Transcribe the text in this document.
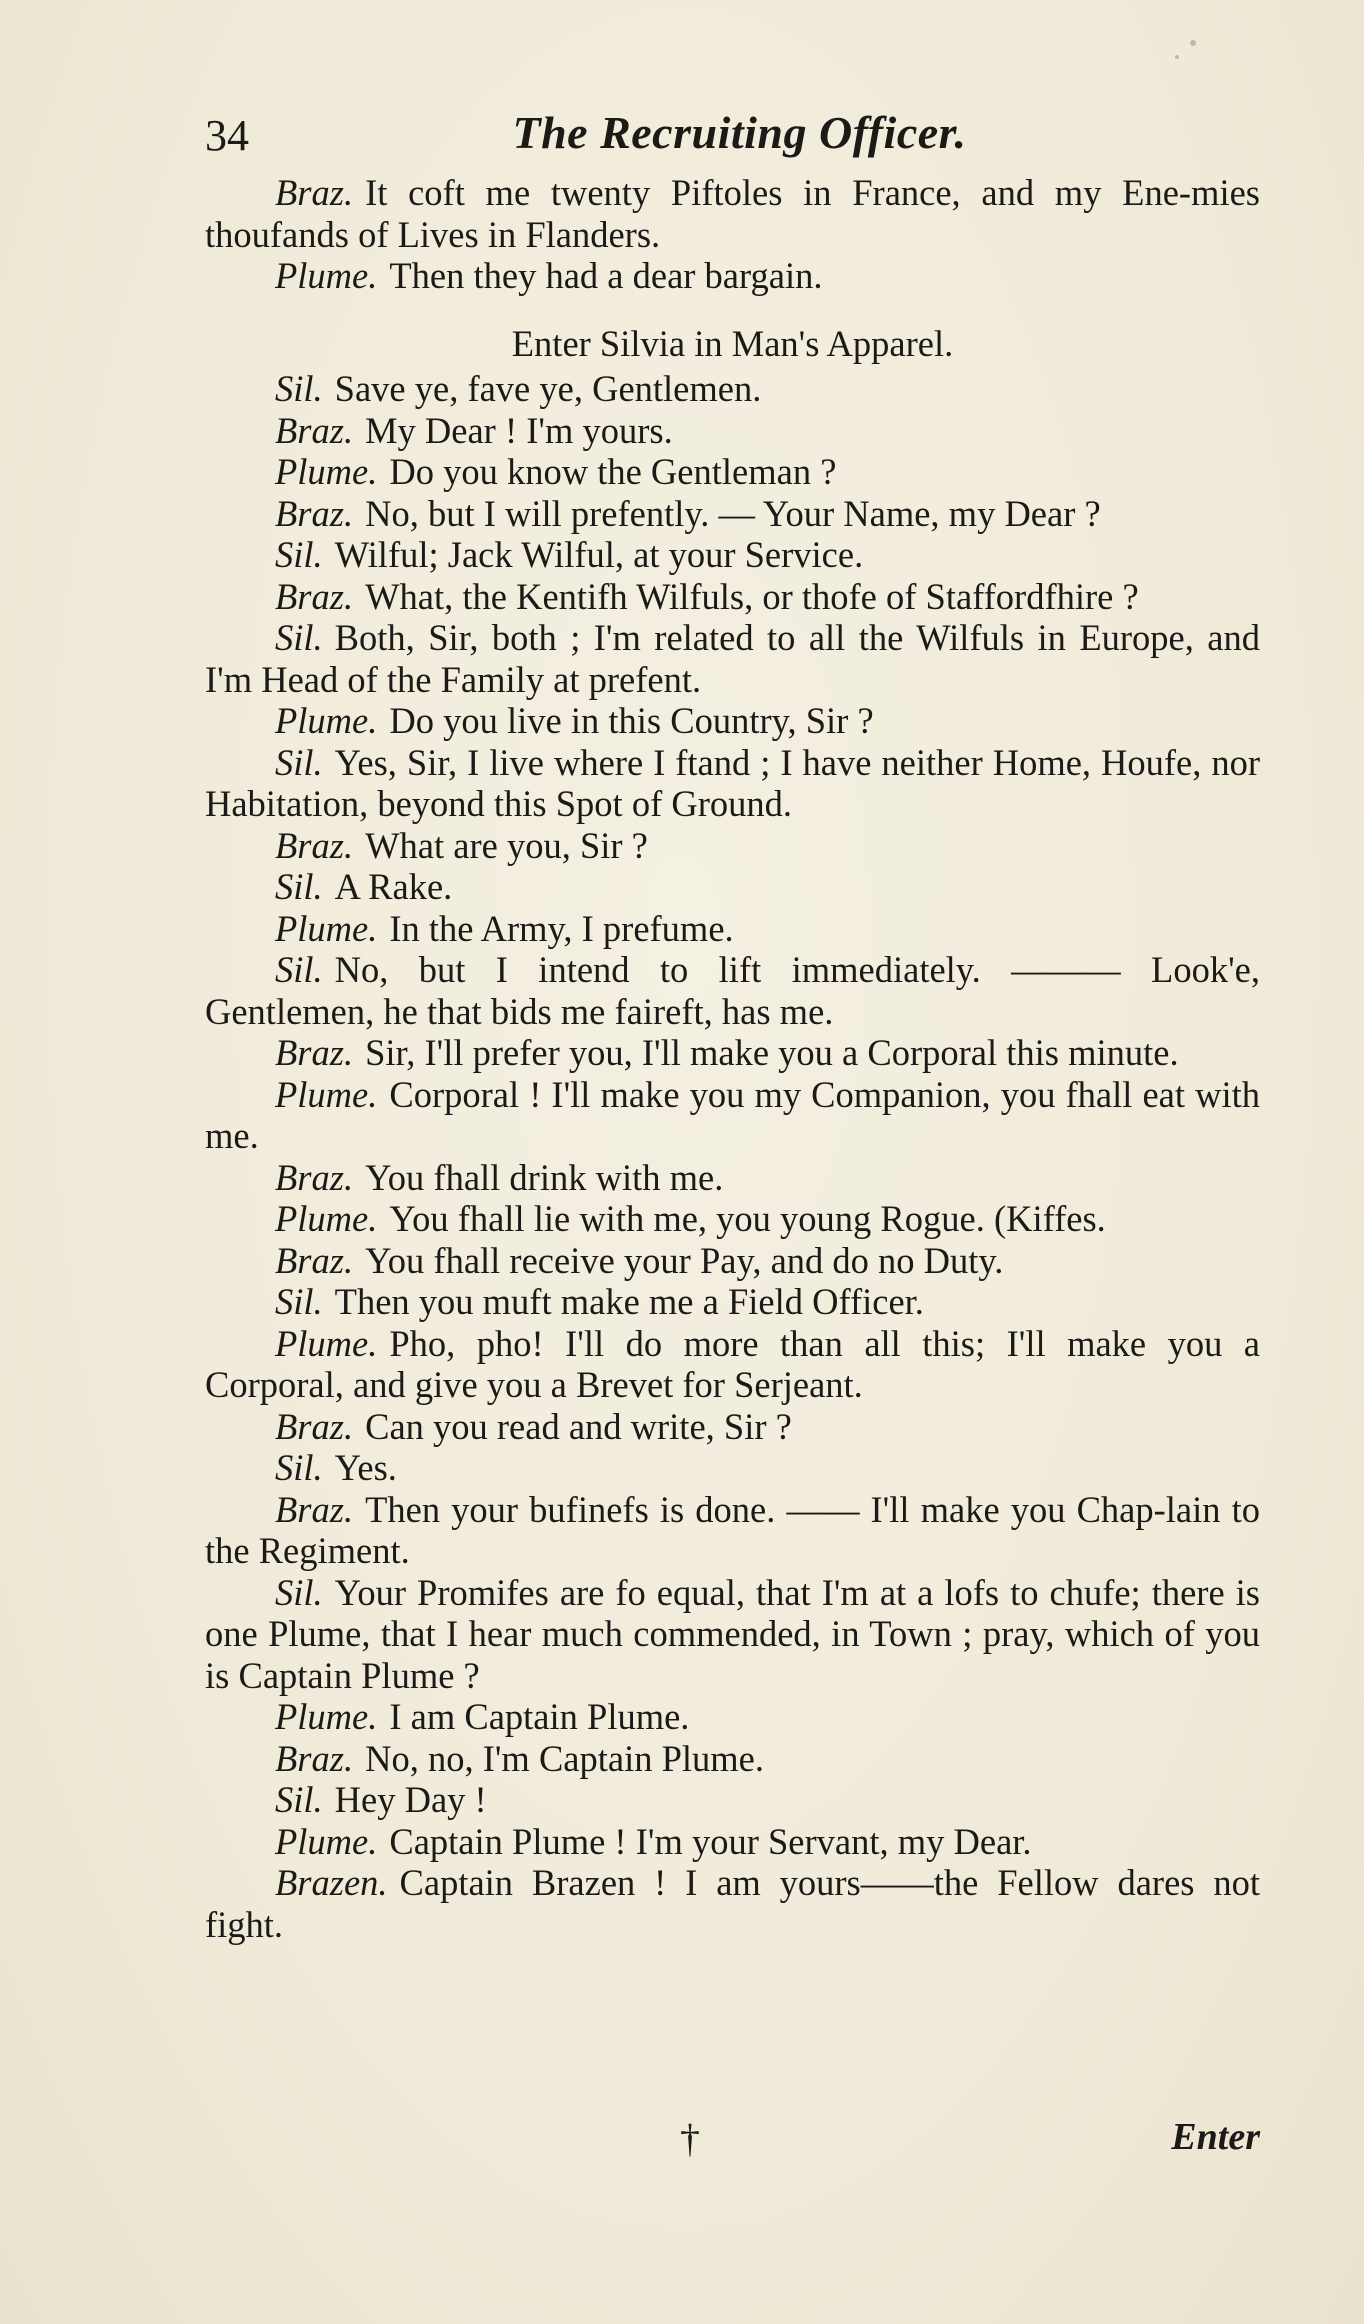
34	The Recruiting Officer.

Braz. It coft me twenty Piftoles in France, and my Ene-mies thoufands of Lives in Flanders.

Plume. Then they had a dear bargain.

Enter Silvia in Man's Apparel.

Sil. Save ye, fave ye, Gentlemen.

Braz. My Dear ! I'm yours.

Plume. Do you know the Gentleman ?

Braz. No, but I will prefently. — Your Name, my Dear ?

Sil. Wilful; Jack Wilful, at your Service.

Braz. What, the Kentifh Wilfuls, or thofe of Staffordfhire ?

Sil. Both, Sir, both ; I'm related to all the Wilfuls in Europe, and I'm Head of the Family at prefent.

Plume. Do you live in this Country, Sir ?

Sil. Yes, Sir, I live where I ftand ; I have neither Home, Houfe, nor Habitation, beyond this Spot of Ground.

Braz. What are you, Sir ?

Sil. A Rake.

Plume. In the Army, I prefume.

Sil. No, but I intend to lift immediately. ——— Look'e, Gentlemen, he that bids me faireft, has me.

Braz. Sir, I'll prefer you, I'll make you a Corporal this minute.

Plume. Corporal ! I'll make you my Companion, you fhall eat with me.

Braz. You fhall drink with me.

Plume. You fhall lie with me, you young Rogue. (Kiffes.

Braz. You fhall receive your Pay, and do no Duty.

Sil. Then you muft make me a Field Officer.

Plume. Pho, pho! I'll do more than all this; I'll make you a Corporal, and give you a Brevet for Serjeant.

Braz. Can you read and write, Sir ?

Sil. Yes.

Braz. Then your bufinefs is done. —— I'll make you Chap-lain to the Regiment.

Sil. Your Promifes are fo equal, that I'm at a lofs to chufe; there is one Plume, that I hear much commended, in Town ; pray, which of you is Captain Plume ?

Plume. I am Captain Plume.

Braz. No, no, I'm Captain Plume.

Sil. Hey Day !

Plume. Captain Plume ! I'm your Servant, my Dear.

Brazen. Captain Brazen ! I am yours——the Fellow dares not fight.

†	Enter
